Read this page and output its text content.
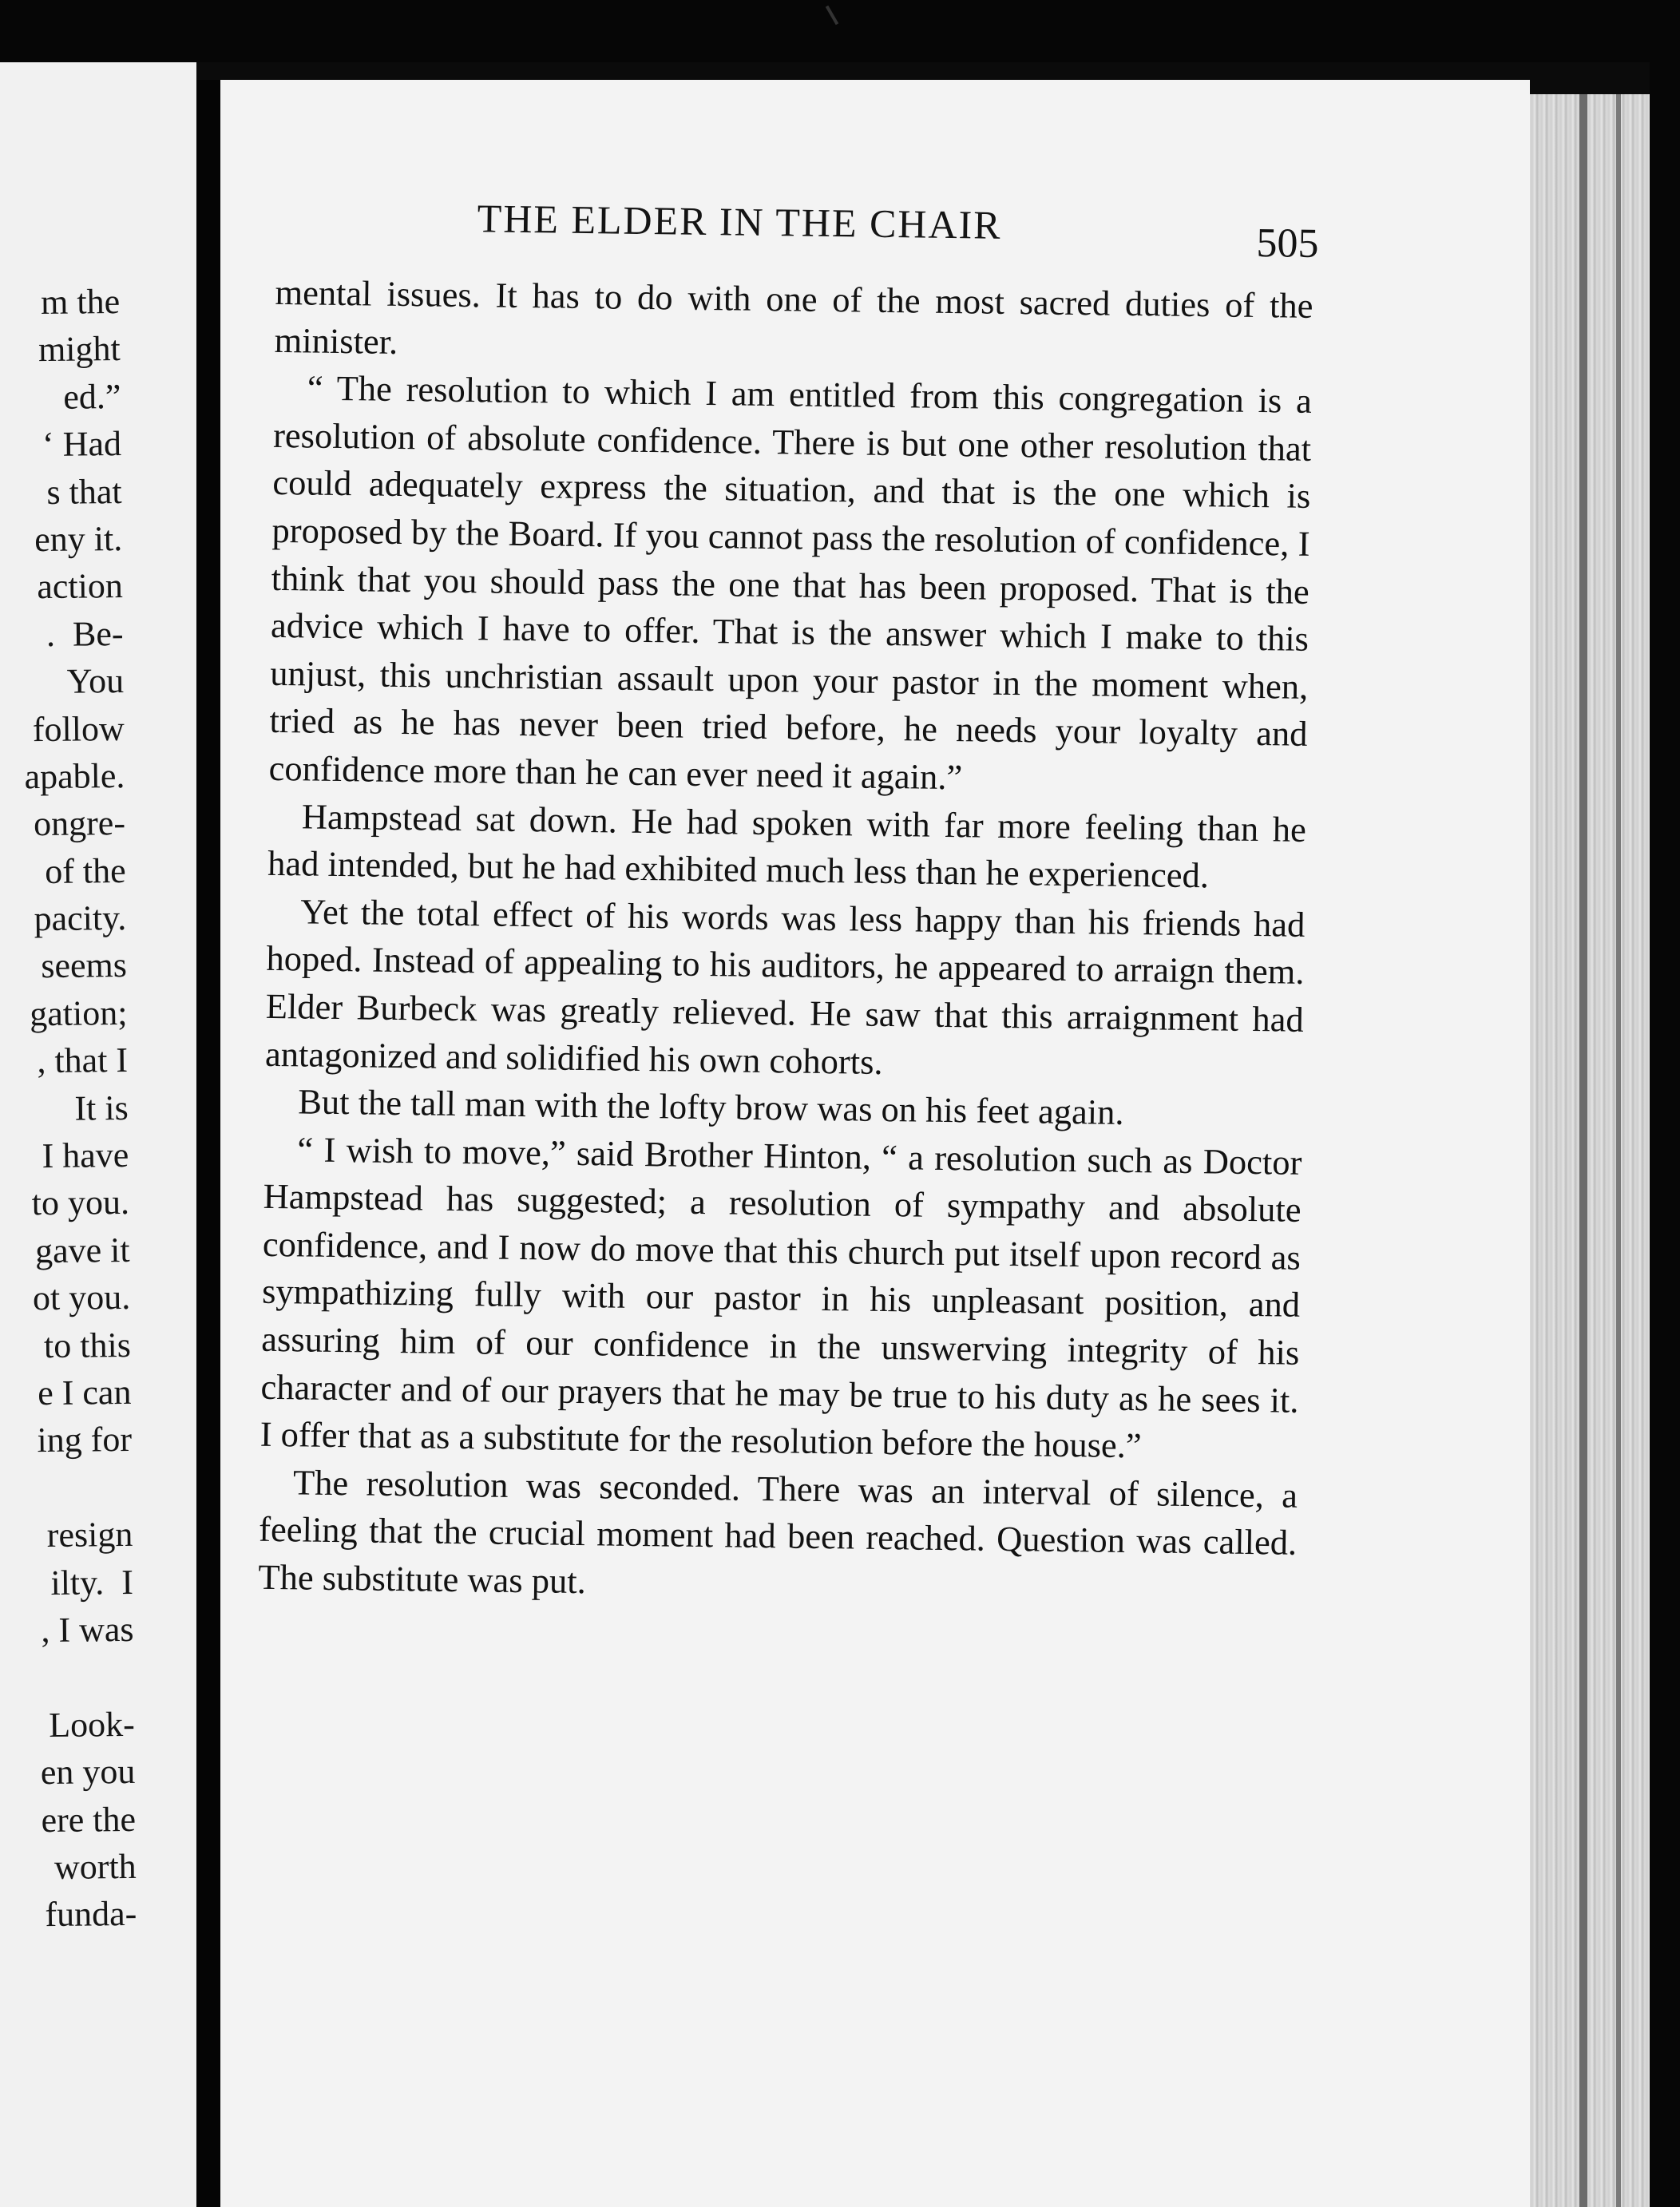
m the
might
ed.”
‘ Had
s that
eny it.
action
.  Be-
You
follow
apable.
ongre-
of the
pacity.
seems
gation;
, that I
It is
I have
to you.
gave it
ot you.
to this
e I can
ing for
resign
ilty.  I
, I was
Look-
en you
ere the
worth
funda-
THE ELDER IN THE CHAIR	505

mental issues. It has to do with one of the most sacred duties of the minister.

“ The resolution to which I am entitled from this congregation is a resolution of absolute confidence. There is but one other resolution that could adequately express the situation, and that is the one which is proposed by the Board. If you cannot pass the resolution of confidence, I think that you should pass the one that has been proposed. That is the advice which I have to offer. That is the answer which I make to this unjust, this unchristian assault upon your pastor in the moment when, tried as he has never been tried before, he needs your loyalty and confidence more than he can ever need it again.”

Hampstead sat down. He had spoken with far more feeling than he had intended, but he had exhibited much less than he experienced.

Yet the total effect of his words was less happy than his friends had hoped. Instead of appealing to his auditors, he appeared to arraign them. Elder Burbeck was greatly relieved. He saw that this arraignment had antagonized and solidified his own cohorts.

But the tall man with the lofty brow was on his feet again.

“ I wish to move,” said Brother Hinton, “ a resolution such as Doctor Hampstead has suggested; a resolution of sympathy and absolute confidence, and I now do move that this church put itself upon record as sympathizing fully with our pastor in his unpleasant position, and assuring him of our confidence in the unswerving integrity of his character and of our prayers that he may be true to his duty as he sees it. I offer that as a substitute for the resolution before the house.”

The resolution was seconded. There was an interval of silence, a feeling that the crucial moment had been reached. Question was called. The substitute was put.
